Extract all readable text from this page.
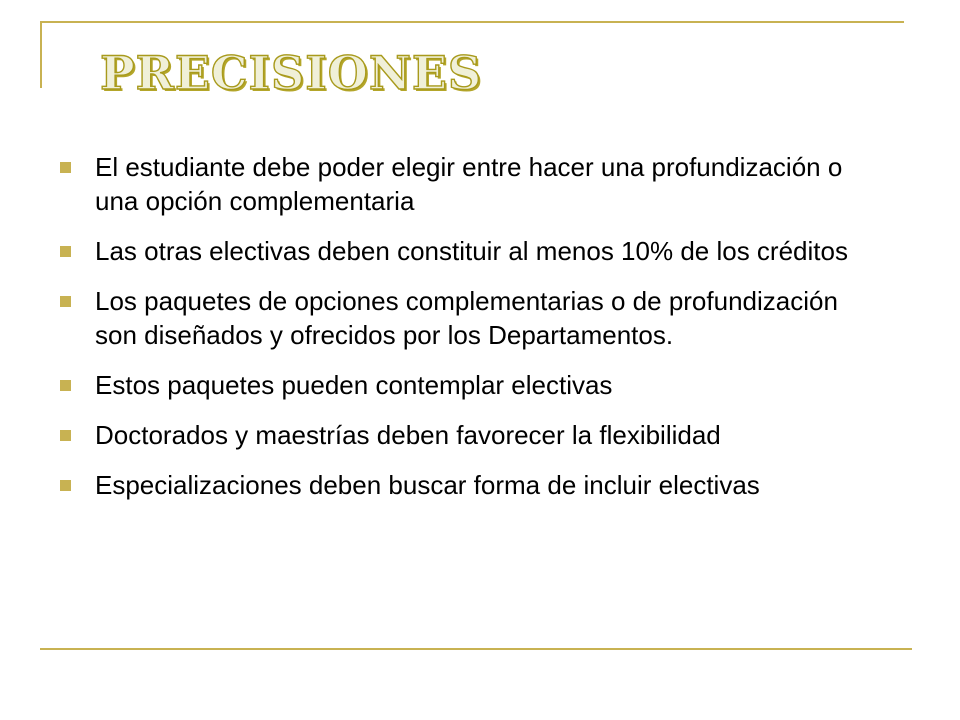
PRECISIONES
El estudiante debe poder elegir entre hacer una profundización o una opción complementaria
Las otras electivas deben constituir al menos 10% de los créditos
Los paquetes de opciones complementarias o de profundización son diseñados y ofrecidos por los Departamentos.
Estos paquetes pueden contemplar electivas
Doctorados y maestrías deben favorecer la flexibilidad
Especializaciones deben buscar forma de incluir electivas
